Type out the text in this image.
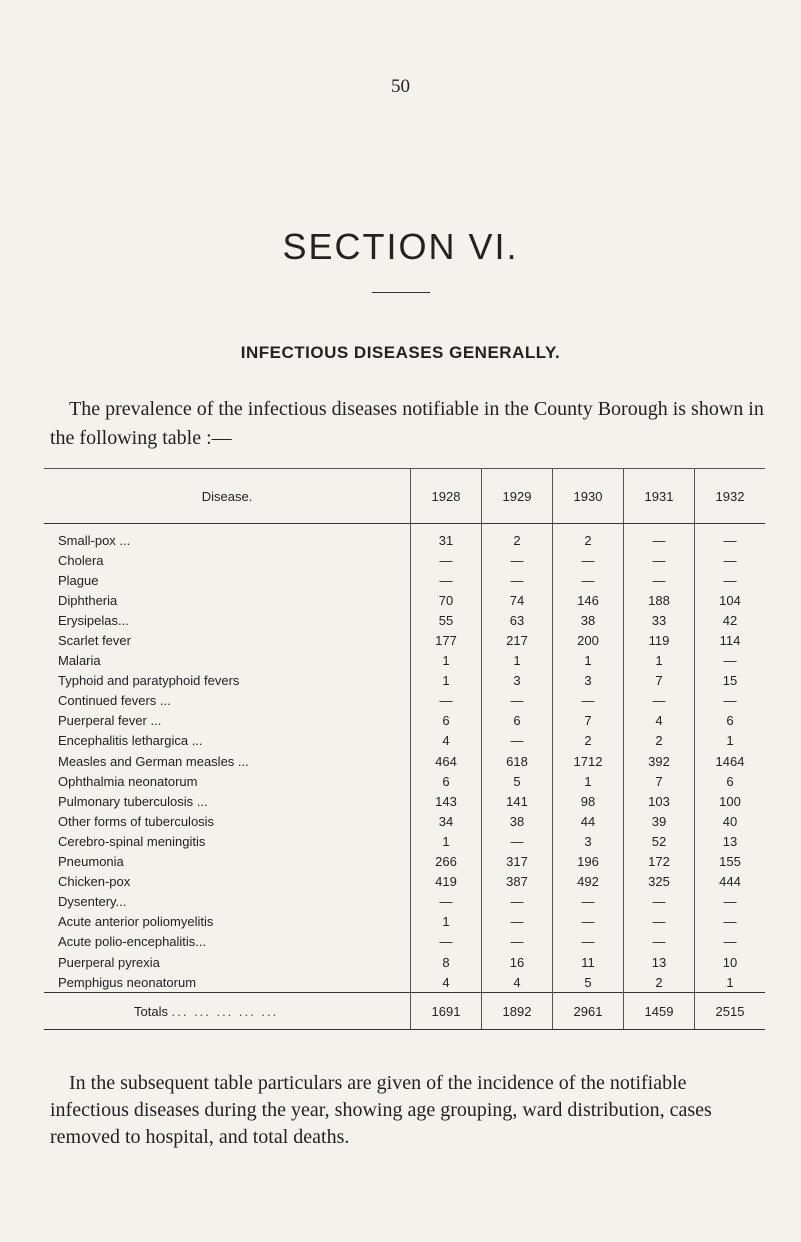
50
SECTION VI.
INFECTIOUS DISEASES GENERALLY.

The prevalence of the infectious diseases notifiable in the County Borough is shown in the following table :—

Disease.	1928	1929	1930	1931	1932
Small-pox ...	31	2	2	—	—
Cholera	—	—	—	—	—
Plague	—	—	—	—	—
Diphtheria	70	74	146	188	104
Erysipelas...	55	63	38	33	42
Scarlet fever	177	217	200	119	114
Malaria	1	1	1	1	—
Typhoid and paratyphoid fevers	1	3	3	7	15
Continued fevers ...	—	—	—	—	—
Puerperal fever ...	6	6	7	4	6
Encephalitis lethargica ...	4	—	2	2	1
Measles and German measles ...	464	618	1712	392	1464
Ophthalmia neonatorum	6	5	1	7	6
Pulmonary tuberculosis ...	143	141	98	103	100
Other forms of tuberculosis	34	38	44	39	40
Cerebro-spinal meningitis	1	—	3	52	13
Pneumonia	266	317	196	172	155
Chicken-pox	419	387	492	325	444
Dysentery...	—	—	—	—	—
Acute anterior poliomyelitis	1	—	—	—	—
Acute polio-encephalitis...	—	—	—	—	—
Puerperal pyrexia	8	16	11	13	10
Pemphigus neonatorum	4	4	5	2	1
Totals ... ... ... ... ...	1691	1892	2961	1459	2515

In the subsequent table particulars are given of the incidence of the notifiable infectious diseases during the year, showing age grouping, ward distribution, cases removed to hospital, and total deaths.
